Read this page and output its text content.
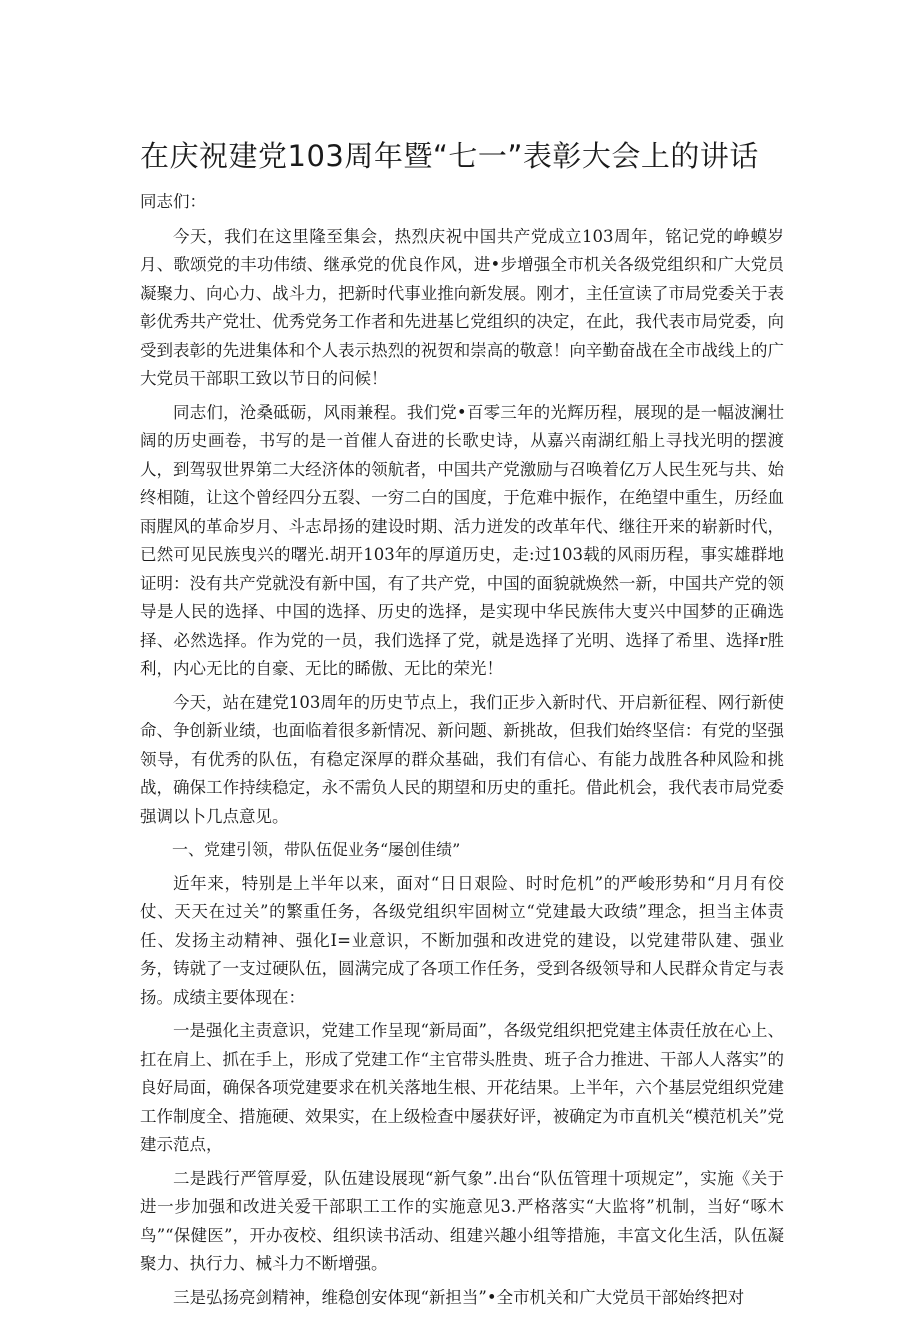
在庆祝建党103周年暨“七一”表彰大会上的讲话

同志们：

今天，我们在这里隆至集会，热烈庆祝中国共产党成立103周年，铭记党的峥蟆岁月、歌颂党的丰功伟绩、继承党的优良作风，进•步增强全市机关各级党组织和广大党员凝聚力、向心力、战斗力，把新时代事业推向新发展。刚才，主任宣读了市局党委关于表彰优秀共产党壮、优秀党务工作者和先进基匕党组织的决定，在此，我代表市局党委，向受到表彰的先进集体和个人表示热烈的祝贺和崇高的敬意！向辛勤奋战在全市战线上的广大党员干部职工致以节日的问候！

同志们，沧桑砥砺，风雨兼程。我们党•百零三年的光辉历程，展现的是一幅波澜壮阔的历史画卷，书写的是一首催人奋进的长歌史诗，从嘉兴南湖红船上寻找光明的摆渡人，到驾驭世界第二大经济体的领航者，中国共产党激励与召唤着亿万人民生死与共、始终相随，让这个曾经四分五裂、一穷二白的国度，于危难中振作，在绝望中重生，历经血雨腥风的革命岁月、斗志昂扬的建设时期、活力迸发的改革年代、继往开来的崭新时代，已然可见民族曳兴的曙光.胡开103年的厚道历史，走:过103载的风雨历程，事实雄群地证明：没有共产党就没有新中国，有了共产党，中国的面貌就焕然一新，中国共产党的领导是人民的选择、中国的选择、历史的选择，是实现中华民族伟大叓兴中国梦的正确选择、必然选择。作为党的一员，我们选择了党，就是选择了光明、选择了希里、选择r胜利，内心无比的自豪、无比的睎傲、无比的荣光！

今天，站在建党103周年的历史节点上，我们正步入新时代、开启新征程、网行新使命、争创新业绩，也面临着很多新情况、新问题、新挑故，但我们始终坚信：有党的坚强领导，有优秀的队伍，有稳定深厚的群众基础，我们有信心、有能力战胜各种风险和挑战，确保工作持续稳定，永不需负人民的期望和历史的重托。借此机会，我代表市局党委强调以卜几点意见。

一、党建引领，带队伍促业务“屡创佳绩”

近年来，特别是上半年以来，面对“日日艰险、时时危机”的严峻形势和“月月有佼仗、天天在过关”的繁重任务，各级党组织牢固树立“党建最大政绩”理念，担当主体责任、发扬主动精神、强化I=业意识，不断加强和改进党的建设，以党建带队建、强业务，铸就了一支过硬队伍，圆满完成了各项工作任务，受到各级领导和人民群众肯定与表扬。成绩主要体现在：

一是强化主责意识，党建工作呈现“新局面”，各级党组织把党建主体责任放在心上、扛在肩上、抓在手上，形成了党建工作“主官带头胜贵、班子合力推进、干部人人落实”的良好局面，确保各项党建要求在机关落地生根、开花结果。上半年，六个基层党组织党建工作制度全、措施硬、效果实，在上级检查中屡获好评，被确定为市直机关“模范机关”党建示范点，

二是践行严管厚爱，队伍建设展现“新气象”.出台“队伍管理十项规定”，实施《关于进一步加强和改进关爱干部职工工作的实施意见3.严格落实“大监将”机制，当好“啄木鸟”“保健医”，开办夜校、组织读书活动、组建兴趣小组等措施，丰富文化生活，队伍凝聚力、执行力、械斗力不断增强。

三是弘扬亮剑精神，维稳创安体现“新担当”•全市机关和广大党员干部始终把对
